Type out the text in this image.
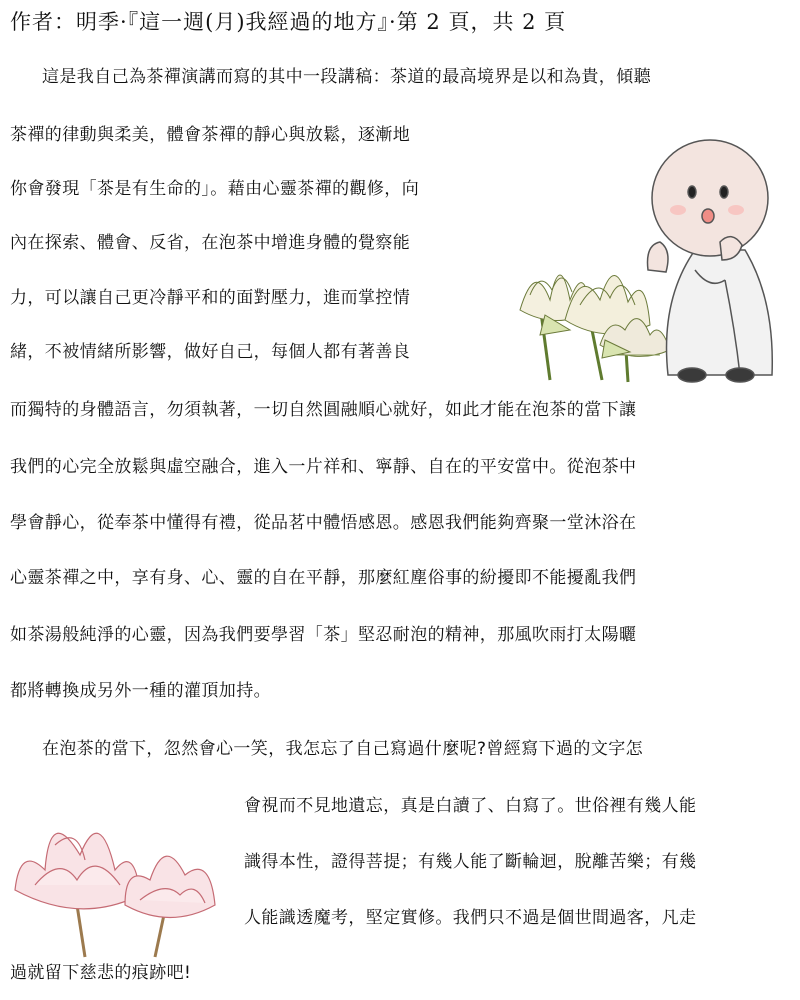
作者：明季·『這一週(月)我經過的地方』·第 2 頁，共 2 頁
這是我自己為茶禪演講而寫的其中一段講稿：茶道的最高境界是以和為貴，傾聽
茶禪的律動與柔美，體會茶禪的靜心與放鬆，逐漸地
你會發現「茶是有生命的」。藉由心靈茶禪的觀修，向
內在探索、體會、反省，在泡茶中增進身體的覺察能
力，可以讓自己更冷靜平和的面對壓力，進而掌控情
緒，不被情緒所影響，做好自己，每個人都有著善良
而獨特的身體語言，勿須執著，一切自然圓融順心就好，如此才能在泡茶的當下讓
我們的心完全放鬆與虛空融合，進入一片祥和、寧靜、自在的平安當中。從泡茶中
學會靜心，從奉茶中懂得有禮，從品茗中體悟感恩。感恩我們能夠齊聚一堂沐浴在
心靈茶禪之中，享有身、心、靈的自在平靜，那麼紅塵俗事的紛擾即不能擾亂我們
如茶湯般純淨的心靈，因為我們要學習「茶」堅忍耐泡的精神，那風吹雨打太陽曬
都將轉換成另外一種的灌頂加持。
在泡茶的當下，忽然會心一笑，我怎忘了自己寫過什麼呢?曾經寫下過的文字怎
會視而不見地遺忘，真是白讀了、白寫了。世俗裡有幾人能
識得本性，證得菩提；有幾人能了斷輪迴，脫離苦樂；有幾
人能識透魔考，堅定實修。我們只不過是個世間過客，凡走
過就留下慈悲的痕跡吧!
